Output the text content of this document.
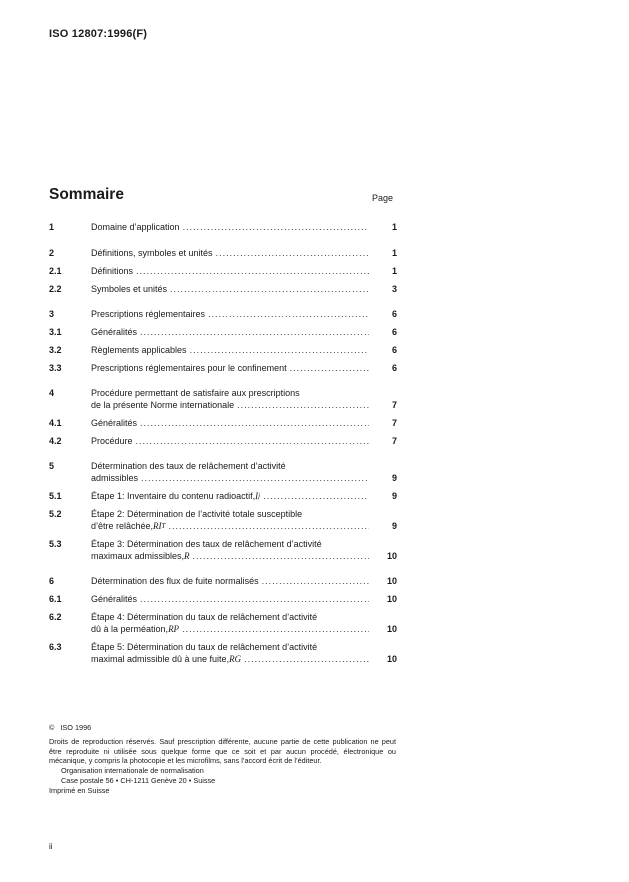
ISO 12807:1996(F)
Sommaire	Page
1	Domaine d’application .....	1
2	Définitions, symboles et unités .....	1
2.1	Définitions .....	1
2.2	Symboles et unités .....	3
3	Prescriptions réglementaires .....	6
3.1	Généralités .....	6
3.2	Règlements applicables .....	6
3.3	Prescriptions réglementaires pour le confinement .....	6
4	Procédure permettant de satisfaire aux prescriptions
de la présente Norme internationale .....	7
4.1	Généralités .....	7
4.2	Procédure .....	7
5	Détermination des taux de relâchement d’activité
admissibles .....	9
5.1	Étape 1: Inventaire du contenu radioactif, I j .....	9
5.2	Étape 2: Détermination de l’activité totale susceptible
d’être relâchée, RI T .....	9
5.3	Étape 3: Détermination des taux de relâchement d’activité
maximaux admissibles, R .....	10
6	Détermination des flux de fuite normalisés .....	10
6.1	Généralités .....	10
6.2	Étape 4: Détermination du taux de relâchement d’activité
dû à la perméation, RP .....	10
6.3	Étape 5: Détermination du taux de relâchement d’activité
maximal admissible dû à une fuite, RG .....	10

© ISO 1996

Droits de reproduction réservés. Sauf prescription différente, aucune partie de cette publication ne peut être reproduite ni utilisée sous quelque forme que ce soit et par aucun procédé, électronique ou mécanique, y compris la photocopie et les microfilms, sans l’accord écrit de l’éditeur.

Organisation internationale de normalisation

Case postale 56 • CH-1211 Genève 20 • Suisse

Imprimé en Suisse

ii
